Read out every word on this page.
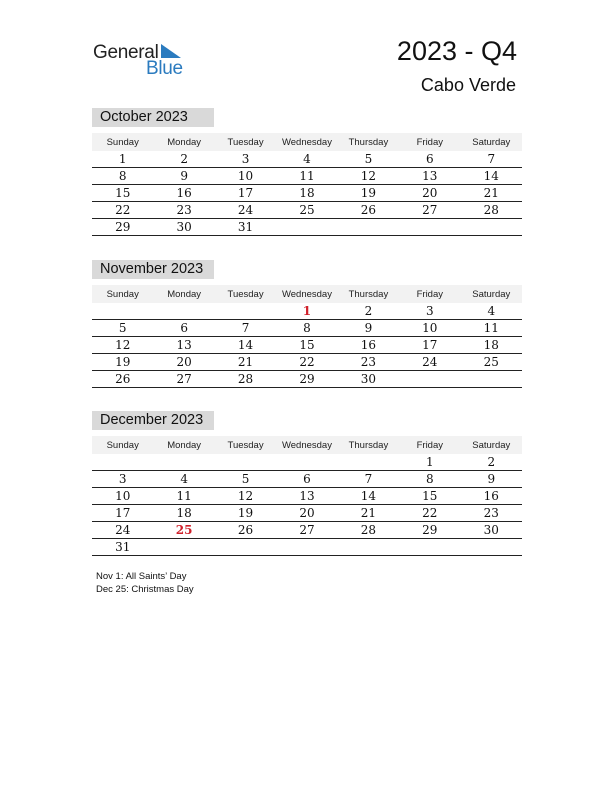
General
Blue
2023 - Q4
Cabo Verde
October 2023
Sunday	Monday	Tuesday	Wednesday	Thursday	Friday	Saturday
1	2	3	4	5	6	7
8	9	10	11	12	13	14
15	16	17	18	19	20	21
22	23	24	25	26	27	28
29	30	31				
November 2023
Sunday	Monday	Tuesday	Wednesday	Thursday	Friday	Saturday
			1	2	3	4
5	6	7	8	9	10	11
12	13	14	15	16	17	18
19	20	21	22	23	24	25
26	27	28	29	30		
December 2023
Sunday	Monday	Tuesday	Wednesday	Thursday	Friday	Saturday
					1	2
3	4	5	6	7	8	9
10	11	12	13	14	15	16
17	18	19	20	21	22	23
24	25	26	27	28	29	30
31						
Nov 1: All Saints’ Day
Dec 25: Christmas Day
